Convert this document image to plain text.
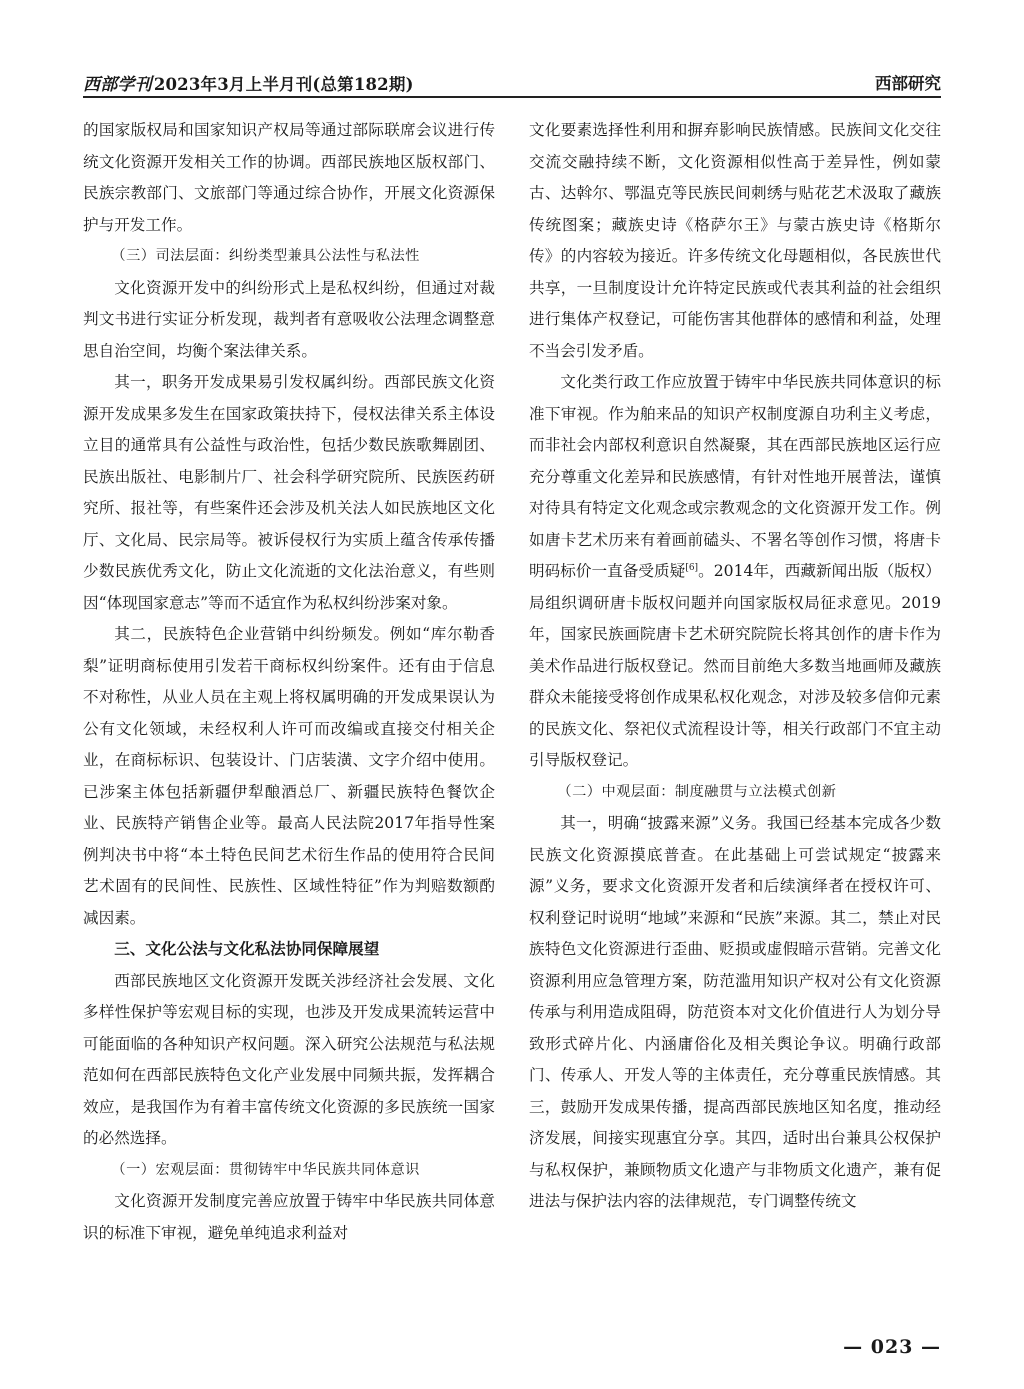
西部学刊 2023年3月上半月刊(总第182期)	西部研究

的国家版权局和国家知识产权局等通过部际联席会议进行传统文化资源开发相关工作的协调。西部民族地区版权部门、民族宗教部门、文旅部门等通过综合协作，开展文化资源保护与开发工作。

（三）司法层面：纠纷类型兼具公法性与私法性

文化资源开发中的纠纷形式上是私权纠纷，但通过对裁判文书进行实证分析发现，裁判者有意吸收公法理念调整意思自治空间，均衡个案法律关系。

其一，职务开发成果易引发权属纠纷。西部民族文化资源开发成果多发生在国家政策扶持下，侵权法律关系主体设立目的通常具有公益性与政治性，包括少数民族歌舞剧团、民族出版社、电影制片厂、社会科学研究院所、民族医药研究所、报社等，有些案件还会涉及机关法人如民族地区文化厅、文化局、民宗局等。被诉侵权行为实质上蕴含传承传播少数民族优秀文化，防止文化流逝的文化法治意义，有些则因“体现国家意志”等而不适宜作为私权纠纷涉案对象。

其二，民族特色企业营销中纠纷频发。例如“库尔勒香梨”证明商标使用引发若干商标权纠纷案件。还有由于信息不对称性，从业人员在主观上将权属明确的开发成果误认为公有文化领域，未经权利人许可而改编或直接交付相关企业，在商标标识、包装设计、门店装潢、文字介绍中使用。已涉案主体包括新疆伊犁酿酒总厂、新疆民族特色餐饮企业、民族特产销售企业等。最高人民法院2017年指导性案例判决书中将“本土特色民间艺术衍生作品的使用符合民间艺术固有的民间性、民族性、区域性特征”作为判赔数额酌减因素。

三、文化公法与文化私法协同保障展望

西部民族地区文化资源开发既关涉经济社会发展、文化多样性保护等宏观目标的实现，也涉及开发成果流转运营中可能面临的各种知识产权问题。深入研究公法规范与私法规范如何在西部民族特色文化产业发展中同频共振，发挥耦合效应，是我国作为有着丰富传统文化资源的多民族统一国家的必然选择。

（一）宏观层面：贯彻铸牢中华民族共同体意识

文化资源开发制度完善应放置于铸牢中华民族共同体意识的标准下审视，避免单纯追求利益对

文化要素选择性利用和摒弃影响民族情感。民族间文化交往交流交融持续不断，文化资源相似性高于差异性，例如蒙古、达斡尔、鄂温克等民族民间刺绣与贴花艺术汲取了藏族传统图案；藏族史诗《格萨尔王》与蒙古族史诗《格斯尔传》的内容较为接近。许多传统文化母题相似，各民族世代共享，一旦制度设计允许特定民族或代表其利益的社会组织进行集体产权登记，可能伤害其他群体的感情和利益，处理不当会引发矛盾。

文化类行政工作应放置于铸牢中华民族共同体意识的标准下审视。作为舶来品的知识产权制度源自功利主义考虑，而非社会内部权利意识自然凝聚，其在西部民族地区运行应充分尊重文化差异和民族感情，有针对性地开展普法，谨慎对待具有特定文化观念或宗教观念的文化资源开发工作。例如唐卡艺术历来有着画前磕头、不署名等创作习惯，将唐卡明码标价一直备受质疑[6]。2014年，西藏新闻出版（版权）局组织调研唐卡版权问题并向国家版权局征求意见。2019年，国家民族画院唐卡艺术研究院院长将其创作的唐卡作为美术作品进行版权登记。然而目前绝大多数当地画师及藏族群众未能接受将创作成果私权化观念，对涉及较多信仰元素的民族文化、祭祀仪式流程设计等，相关行政部门不宜主动引导版权登记。

（二）中观层面：制度融贯与立法模式创新

其一，明确“披露来源”义务。我国已经基本完成各少数民族文化资源摸底普查。在此基础上可尝试规定“披露来源”义务，要求文化资源开发者和后续演绎者在授权许可、权利登记时说明“地域”来源和“民族”来源。其二，禁止对民族特色文化资源进行歪曲、贬损或虚假暗示营销。完善文化资源利用应急管理方案，防范滥用知识产权对公有文化资源传承与利用造成阻碍，防范资本对文化价值进行人为划分导致形式碎片化、内涵庸俗化及相关舆论争议。明确行政部门、传承人、开发人等的主体责任，充分尊重民族情感。其三，鼓励开发成果传播，提高西部民族地区知名度，推动经济发展，间接实现惠宜分享。其四，适时出台兼具公权保护与私权保护，兼顾物质文化遗产与非物质文化遗产，兼有促进法与保护法内容的法律规范，专门调整传统文

— 023 —
